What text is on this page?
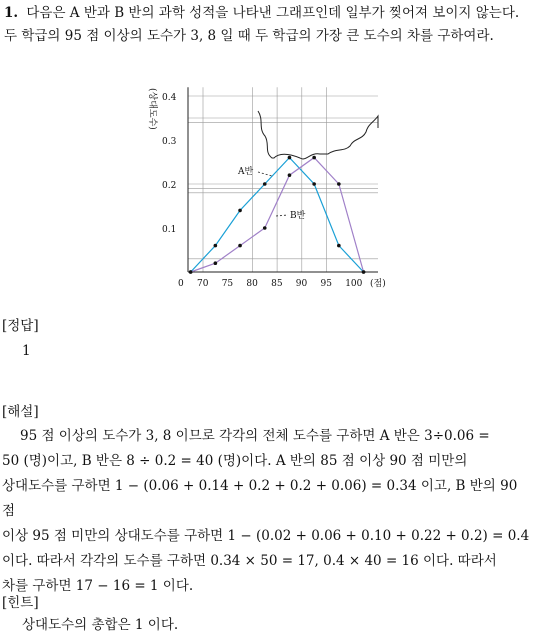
1. 다음은 A 반과 B 반의 과학 성적을 나타낸 그래프인데 일부가 찢어져 보이지 않는다. 두 학급의 95 점 이상의 도수가 3, 8 일 때 두 학급의 가장 큰 도수의 차를 구하여라.
0.1
0.2
0.3
0.4
0 70 75 80 85 90 95 100 (점)
(상대도수)
A반
B반
[정답]
1
[해설]
95 점 이상의 도수가 3, 8 이므로 각각의 전체 도수를 구하면 A 반은 3÷0.06 =
50 (명)이고, B 반은 8 ÷ 0.2 = 40 (명)이다. A 반의 85 점 이상 90 점 미만의
상대도수를 구하면 1 − (0.06 + 0.14 + 0.2 + 0.2 + 0.06) = 0.34 이고, B 반의 90 점
이상 95 점 미만의 상대도수를 구하면 1 − (0.02 + 0.06 + 0.10 + 0.22 + 0.2) = 0.4
이다. 따라서 각각의 도수를 구하면 0.34 × 50 = 17, 0.4 × 40 = 16 이다. 따라서
차를 구하면 17 − 16 = 1 이다.
[힌트]
상대도수의 총합은 1 이다.
